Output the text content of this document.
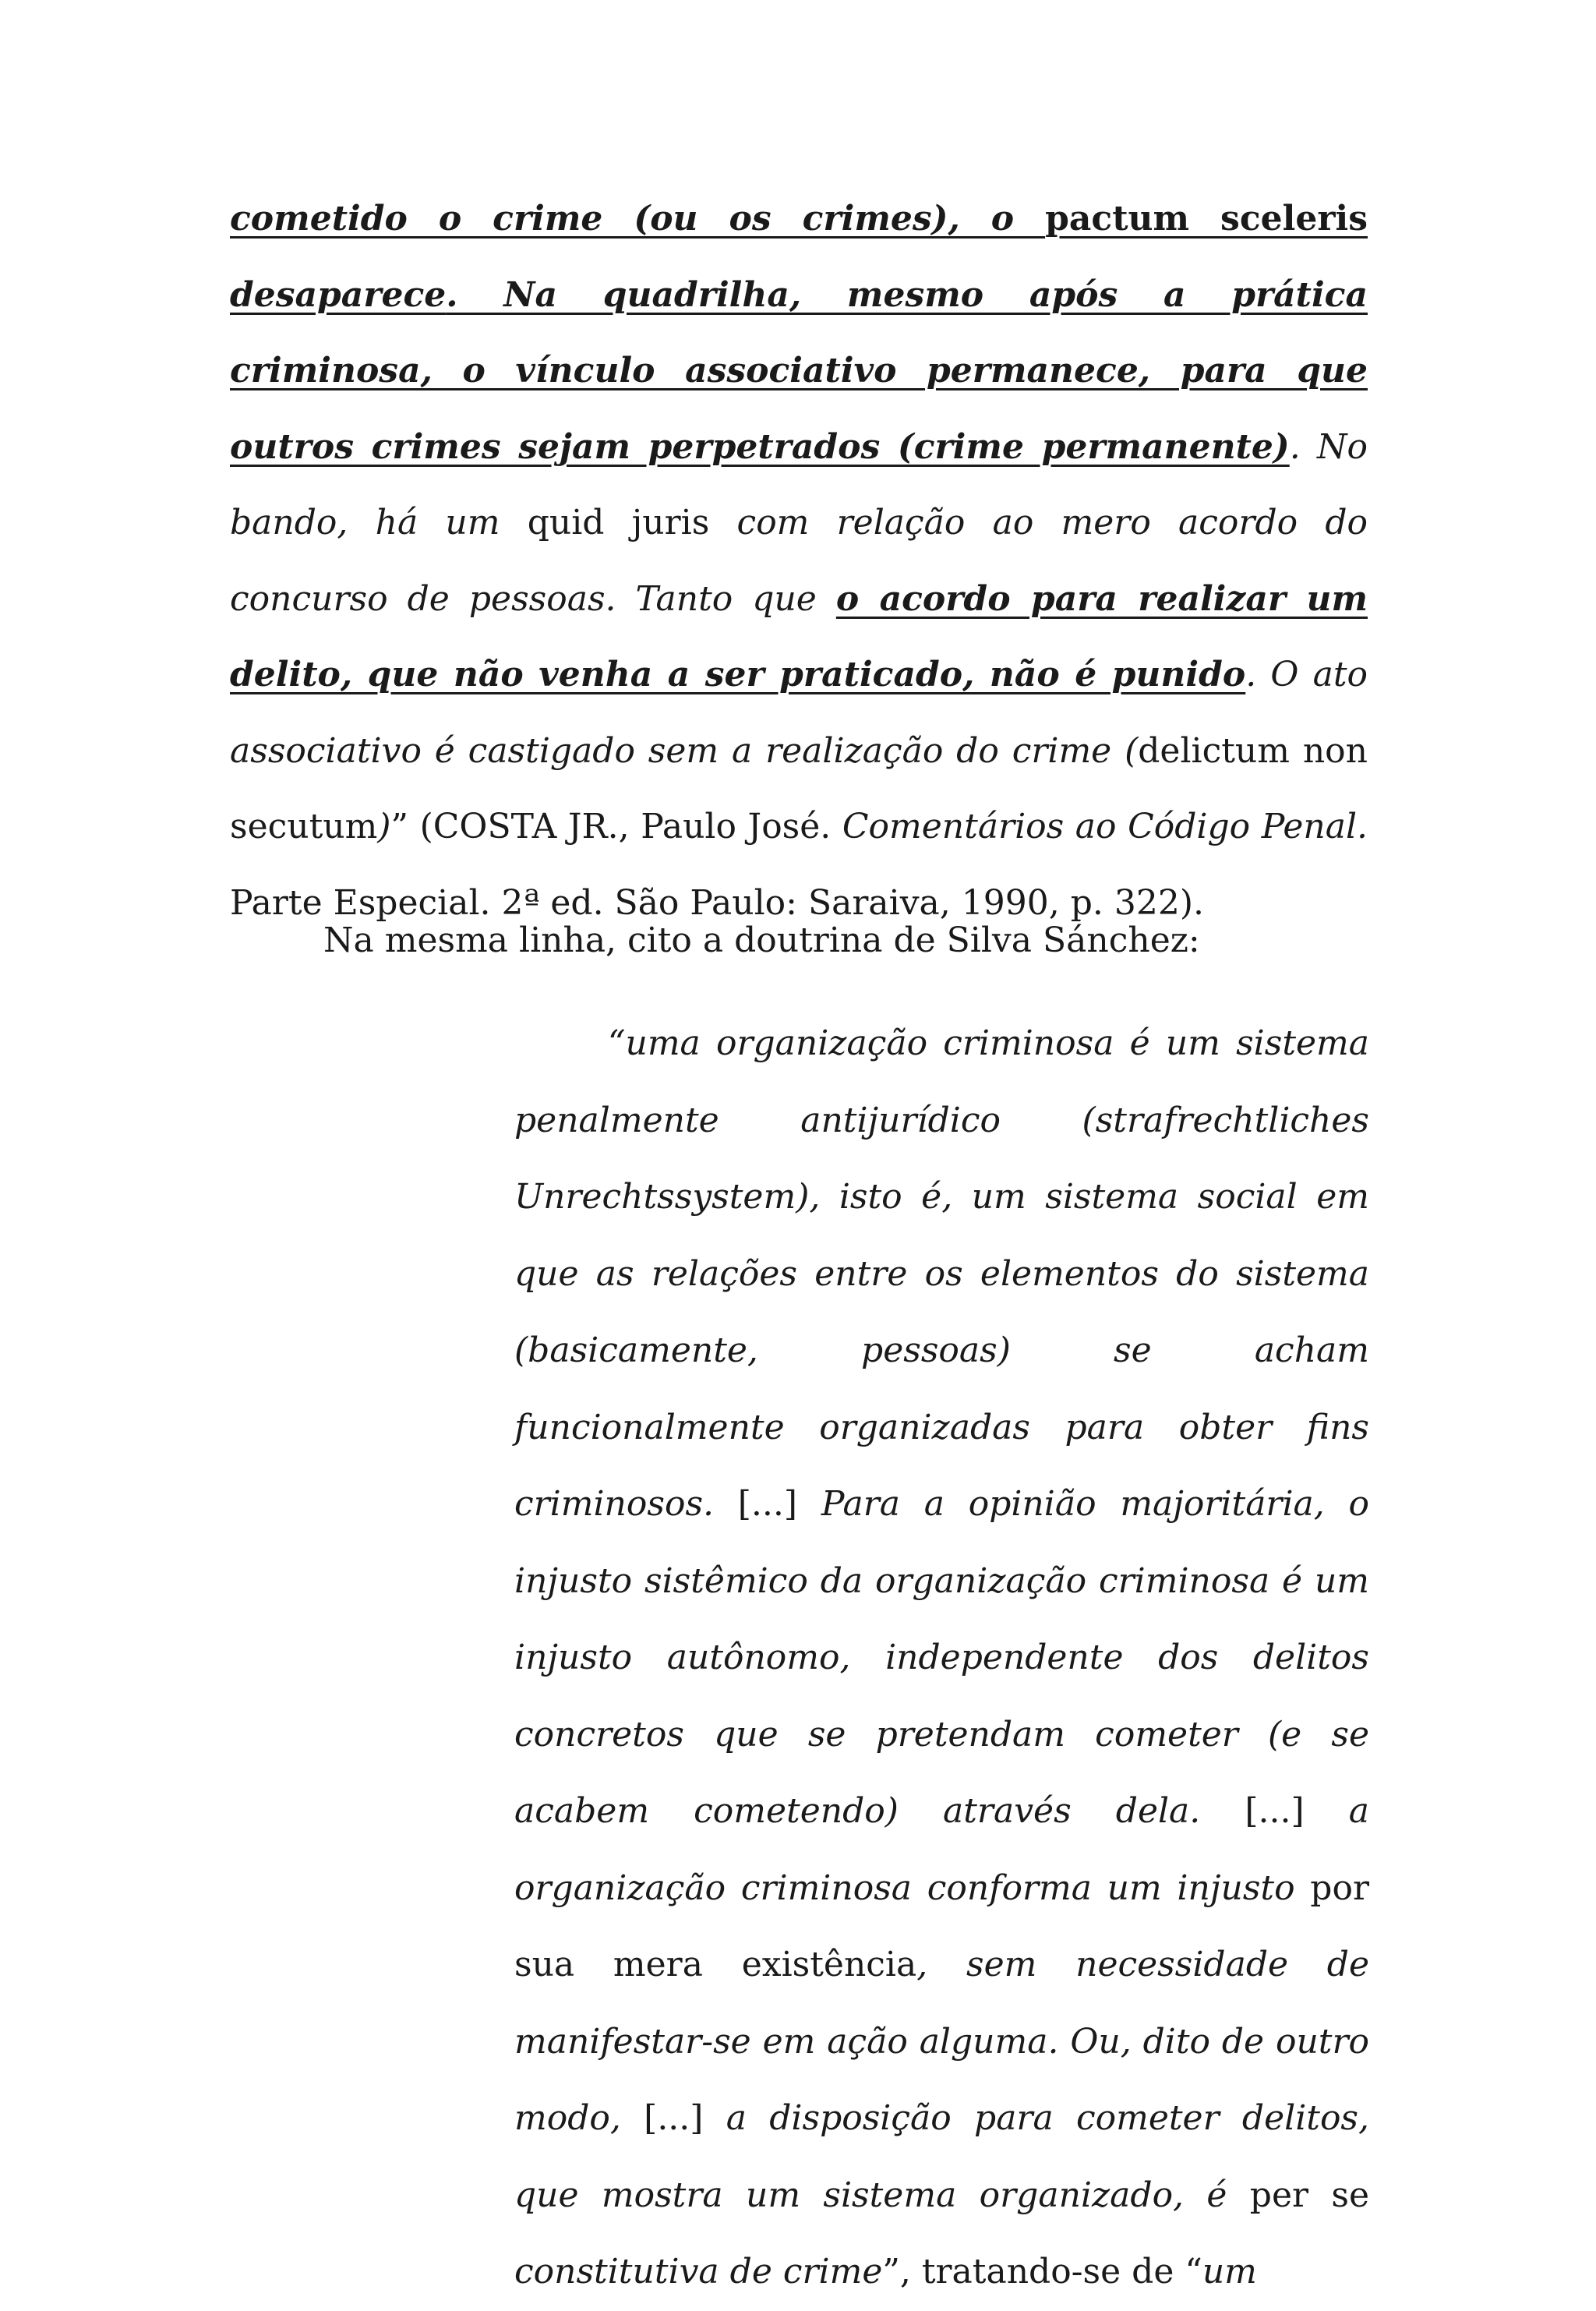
cometido o crime (ou os crimes), o pactum sceleris desaparece. Na quadrilha, mesmo após a prática criminosa, o vínculo associativo permanece, para que outros crimes sejam perpetrados (crime permanente). No bando, há um quid juris com relação ao mero acordo do concurso de pessoas. Tanto que o acordo para realizar um delito, que não venha a ser praticado, não é punido. O ato associativo é castigado sem a realização do crime (delictum non secutum)” (COSTA JR., Paulo José. Comentários ao Código Penal. Parte Especial. 2ª ed. São Paulo: Saraiva, 1990, p. 322).

Na mesma linha, cito a doutrina de Silva Sánchez:

“uma organização criminosa é um sistema penalmente antijurídico (strafrechtliches Unrechtssystem), isto é, um sistema social em que as relações entre os elementos do sistema (basicamente, pessoas) se acham funcionalmente organizadas para obter fins criminosos. [...] Para a opinião majoritária, o injusto sistêmico da organização criminosa é um injusto autônomo, independente dos delitos concretos que se pretendam cometer (e se acabem cometendo) através dela. [...] a organização criminosa conforma um injusto por sua mera existência, sem necessidade de manifestar-se em ação alguma. Ou, dito de outro modo, [...] a disposição para cometer delitos, que mostra um sistema organizado, é per se constitutiva de crime”, tratando-se de “um
